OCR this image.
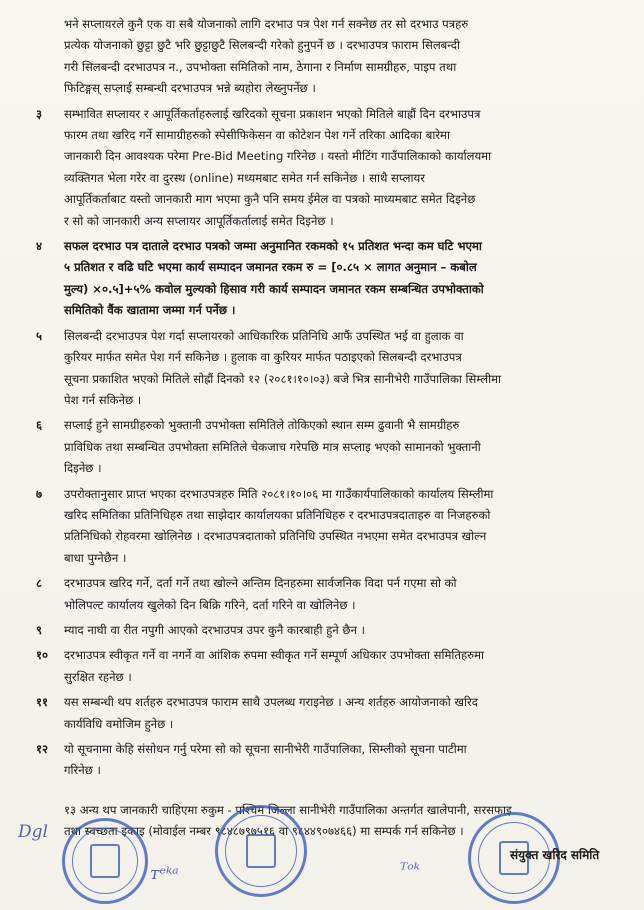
भने सप्लायरले कुनै एक वा सबै योजनाको लागि दरभाउ पत्र पेश गर्न सक्नेछ तर सो दरभाउ पत्रहरु
प्रत्येक योजनाको छुट्टा छुटै भरि छुट्टाछुटै सिलबन्दी गरेको हुनुपर्ने छ । दरभाउपत्र फाराम सिलबन्दी
गरी सिलबन्दी दरभाउपत्र न., उपभोक्ता समितिको नाम, ठेगाना र निर्माण सामग्रीहरु, पाइप तथा
फिटिङ्गस् सप्लाई सम्बन्धी दरभाउपत्र भन्ने ब्यहोरा लेख्नुपर्नेछ ।
३	सम्भावित सप्लायर र आपूर्तिकर्ताहरुलाई खरिदको सूचना प्रकाशन भएको मितिले बाह्रौं दिन दरभाउपत्र
फारम तथा खरिद गर्ने सामाग्रीहरुको स्पेसीफिकेसन वा कोटेशन पेश गर्ने तरिका आदिका बारेमा
जानकारी दिन आवश्यक परेमा Pre-Bid Meeting गरिनेछ । यस्तो मीटिंग गाउँपालिकाको कार्यालयमा
व्यक्तिगत भेला गरेर वा दुरस्थ (online) मध्यमबाट समेत गर्न सकिनेछ । साथै सप्लायर
आपूर्तिकर्ताबाट यस्तो जानकारी माग भएमा कुनै पनि समय ईमेल वा पत्रको माध्यमबाट समेत दिइनेछ
र सो को जानकारी अन्य सप्लायर आपूर्तिकर्तालाई समेत दिइनेछ ।
४	सफल दरभाउ पत्र दाताले दरभाउ पत्रको जम्मा अनुमानित रकमको १५ प्रतिशत भन्दा कम घटि भएमा
५ प्रतिशत र वढि घटि भएमा कार्य सम्पादन जमानत रकम रु = [०.८५ × लागत अनुमान – कबोल
मुल्य) ×०.५]+५% कवोल मुल्यको हिसाव गरी कार्य सम्पादन जमानत रकम सम्बन्धित उपभोक्ताको
समितिको वैंक खातामा जम्मा गर्न पर्नेछ ।
५	सिलबन्दी दरभाउपत्र पेश गर्दा सप्लायरको आधिकारिक प्रतिनिधि आफैं उपस्थित भई वा हुलाक वा
कुरियर मार्फत समेत पेश गर्न सकिनेछ । हुलाक वा कुरियर मार्फत पठाइएको सिलबन्दी दरभाउपत्र
सूचना प्रकाशित भएको मितिले सोह्रौं दिनको १२ (२०८१।१०।०३) बजे भित्र सानीभेरी गाउँपालिका सिम्लीमा
पेश गर्न सकिनेछ ।
६	सप्लाई हुने सामग्रीहरुको भुक्तानी उपभोक्ता समितिले तोकिएको स्थान सम्म ढुवानी भै सामग्रीहरु
प्राविधिक तथा सम्बन्धित उपभोक्ता समितिले चेकजाच गरेपछि मात्र सप्लाइ भएको सामानको भुक्तानी
दिइनेछ ।
७	उपरोक्तानुसार प्राप्त भएका दरभाउपत्रहरु मिति २०८१।१०।०६ मा गाउँकार्यपालिकाको कार्यालय सिम्लीमा
खरिद समितिका प्रतिनिधिहरु तथा साझेदार कार्यालयका प्रतिनिधिहरु र दरभाउपत्रदाताहरु वा निजहरुको
प्रतिनिधिको रोहवरमा खोलिनेछ । दरभाउपत्रदाताको प्रतिनिधि उपस्थित नभएमा समेत दरभाउपत्र खोल्न
बाधा पुग्नेछैन ।
८	दरभाउपत्र खरिद गर्ने, दर्ता गर्ने तथा खोल्ने अन्तिम दिनहरुमा सार्वजनिक विदा पर्न गएमा सो को
भोलिपल्ट कार्यालय खुलेको दिन बिक्रि गरिने, दर्ता गरिने वा खोलिनेछ ।
९	म्याद नाघी वा रीत नपुगी आएको दरभाउपत्र उपर कुनै कारबाही हुने छैन ।
१०	दरभाउपत्र स्वीकृत गर्ने वा नगर्ने वा आंशिक रुपमा स्वीकृत गर्ने सम्पूर्ण अधिकार उपभोक्ता समितिहरुमा
सुरक्षित रहनेछ ।
११	यस सम्बन्धी थप शर्तहरु दरभाउपत्र फाराम साथै उपलब्ध गराइनेछ । अन्य शर्तहरु आयोजनाको खरिद
कार्यविधि वमोजिम हुनेछ ।
१२	यो सूचनामा केहि संसोधन गर्नु परेमा सो को सूचना सानीभेरी गाउँपालिका, सिम्लीको सूचना पाटीमा
गरिनेछ ।
१३ अन्य थप जानकारी चाहिएमा रुकुम - पश्चिम जिल्ला सानीभेरी गाउँपालिका अन्तर्गत खालेपानी, सरसफाइ
तथा स्वच्छता इकाइ (मोवाईल नम्बर ९८४८७९७५१६ वा ९८४४९०७४६६) मा सम्पर्क गर्न सकिनेछ ।
Dgl
ᴛᵉᵏᵃ	ᵀᵒᵏ
संयुक्त खरिद समिति
